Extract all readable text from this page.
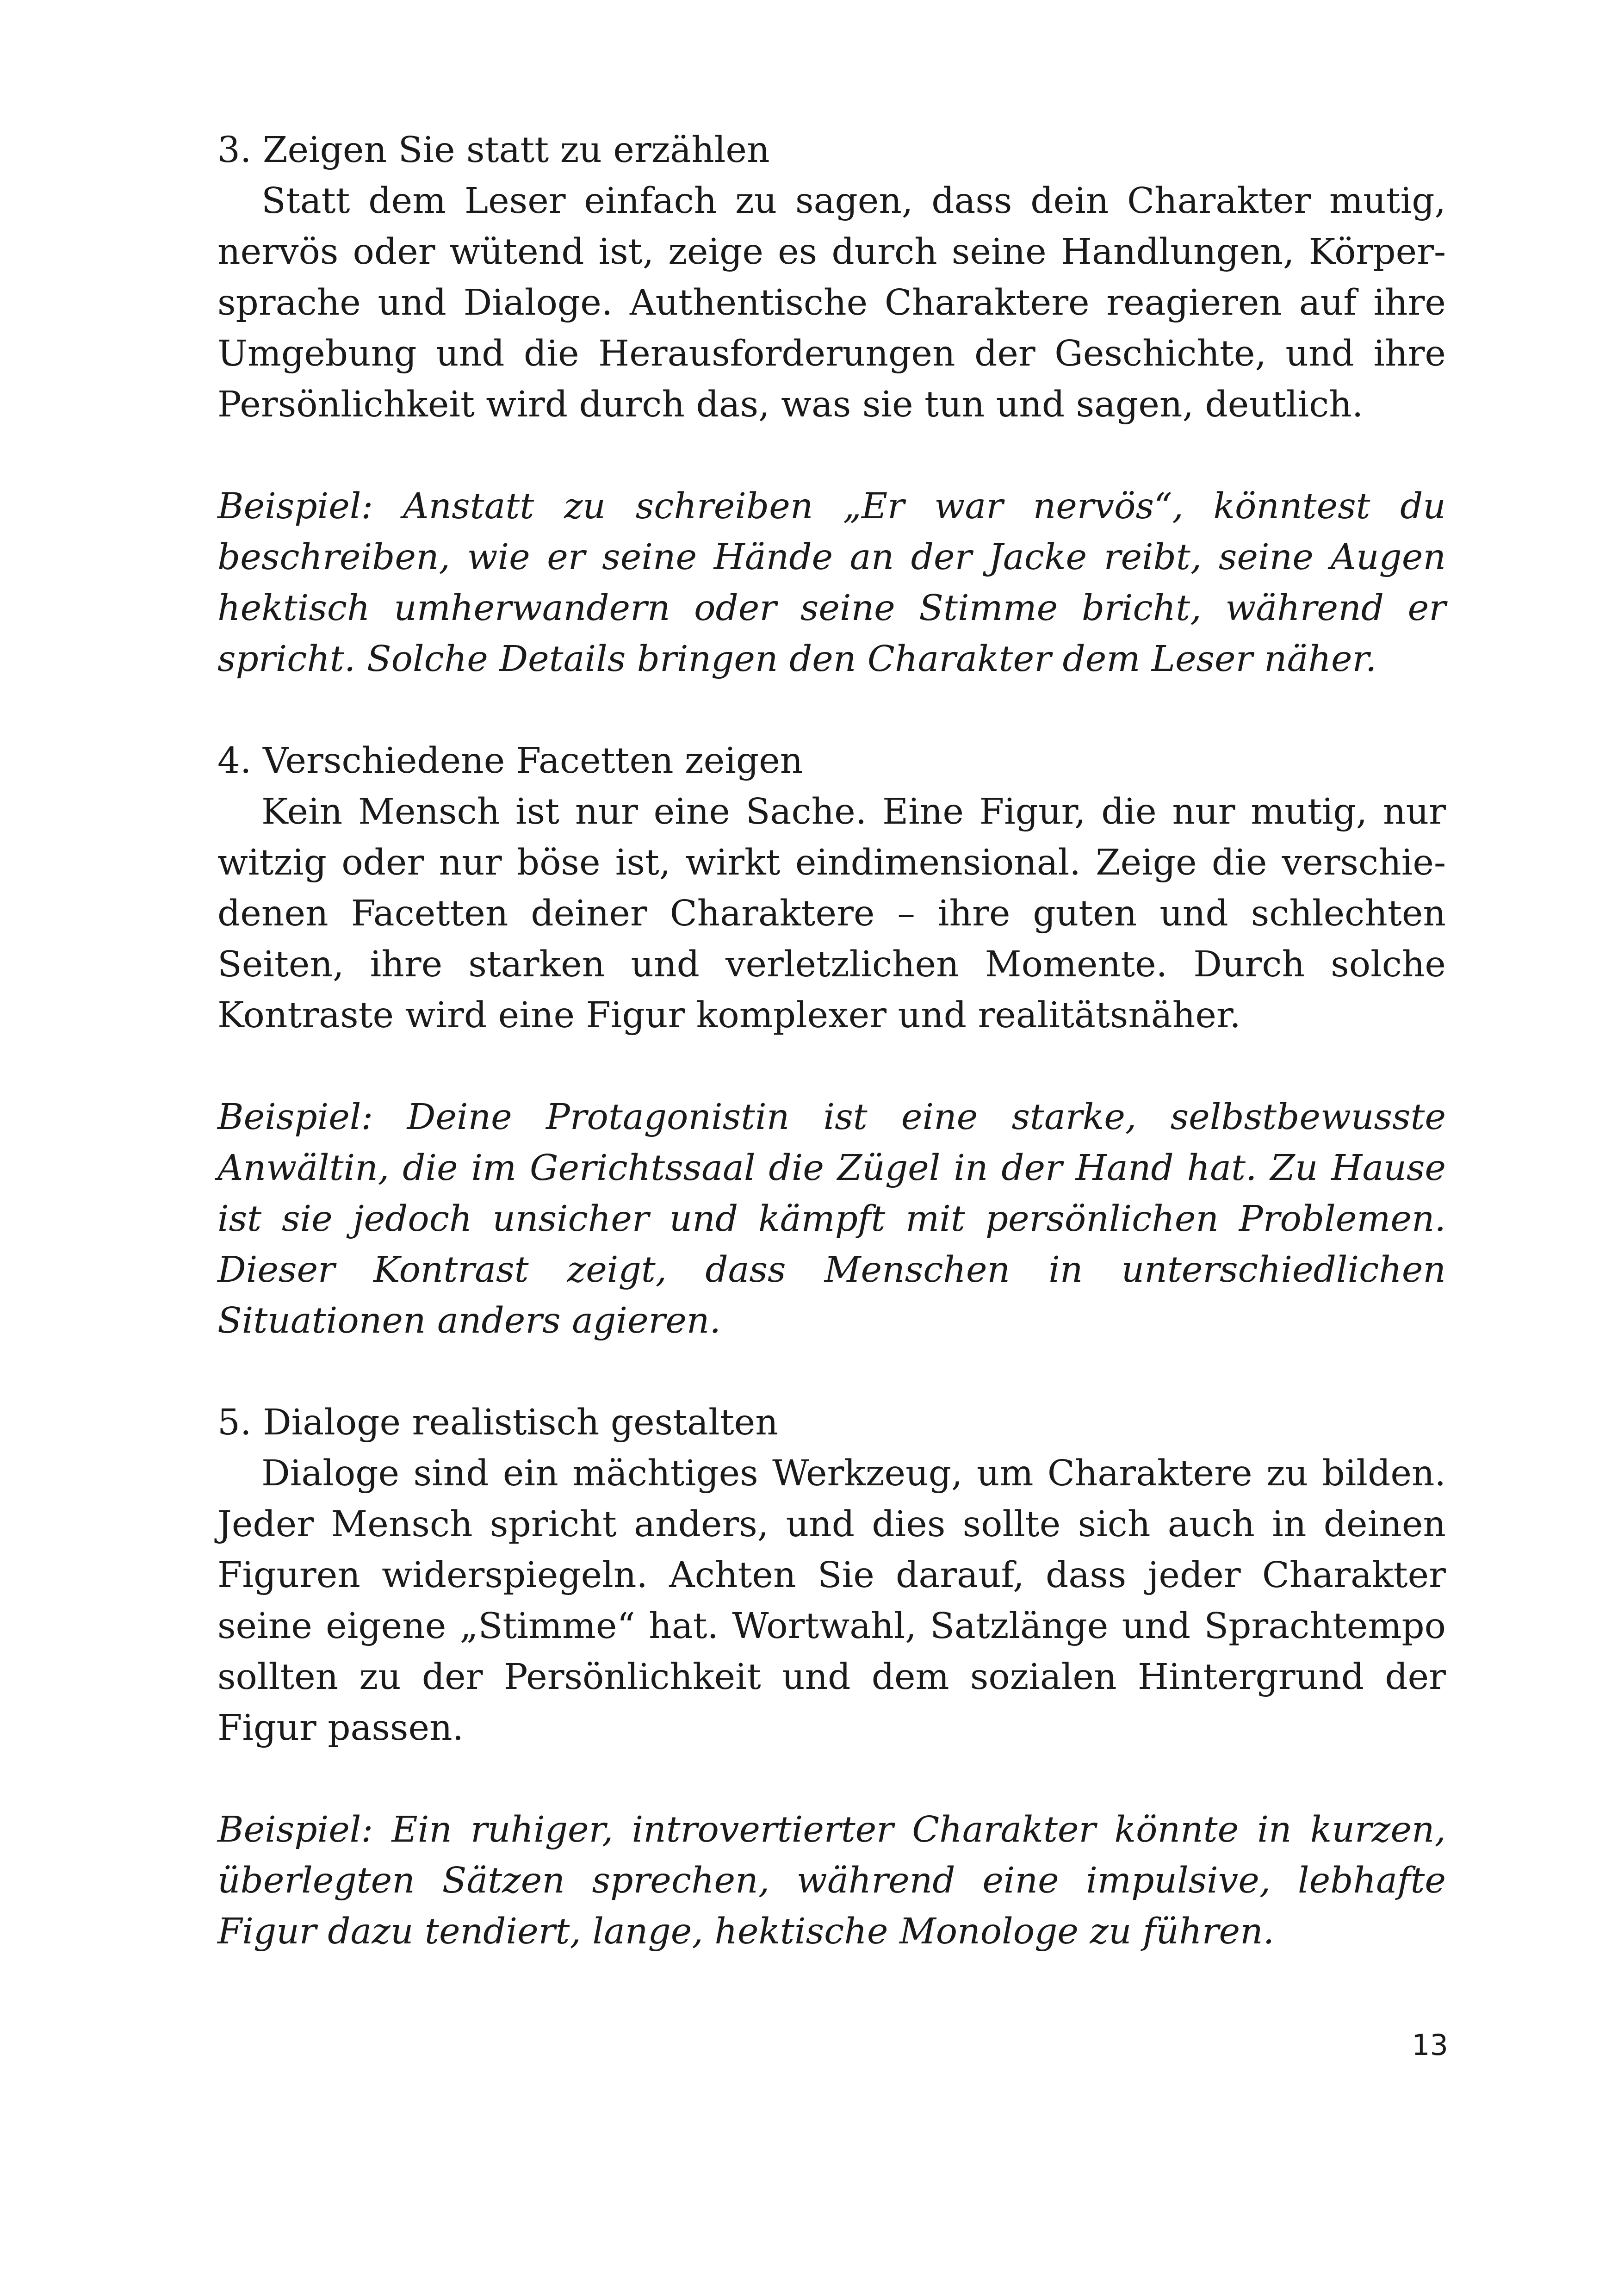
3. Zeigen Sie statt zu erzählen

Statt dem Leser einfach zu sagen, dass dein Charakter mutig, nervös oder wütend ist, zeige es durch seine Handlungen, Körpersprache und Dialoge. Authentische Charaktere reagieren auf ihre Umgebung und die Herausforderungen der Geschichte, und ihre Persönlichkeit wird durch das, was sie tun und sagen, deutlich.

Beispiel: Anstatt zu schreiben „Er war nervös“, könntest du beschreiben, wie er seine Hände an der Jacke reibt, seine Augen hektisch umherwandern oder seine Stimme bricht, während er spricht. Solche Details bringen den Charakter dem Leser näher.

4. Verschiedene Facetten zeigen

Kein Mensch ist nur eine Sache. Eine Figur, die nur mutig, nur witzig oder nur böse ist, wirkt eindimensional. Zeige die verschiedenen Facetten deiner Charaktere – ihre guten und schlechten Seiten, ihre starken und verletzlichen Momente. Durch solche Kontraste wird eine Figur komplexer und realitätsnäher.

Beispiel: Deine Protagonistin ist eine starke, selbstbewusste Anwältin, die im Gerichtssaal die Zügel in der Hand hat. Zu Hause ist sie jedoch unsicher und kämpft mit persönlichen Problemen. Dieser Kontrast zeigt, dass Menschen in unterschiedlichen Situationen anders agieren.

5. Dialoge realistisch gestalten

Dialoge sind ein mächtiges Werkzeug, um Charaktere zu bilden. Jeder Mensch spricht anders, und dies sollte sich auch in deinen Figuren widerspiegeln. Achten Sie darauf, dass jeder Charakter seine eigene „Stimme“ hat. Wortwahl, Satzlänge und Sprachtempo sollten zu der Persönlichkeit und dem sozialen Hintergrund der Figur passen.

Beispiel: Ein ruhiger, introvertierter Charakter könnte in kurzen, überlegten Sätzen sprechen, während eine impulsive, lebhafte Figur dazu tendiert, lange, hektische Monologe zu führen.

13
